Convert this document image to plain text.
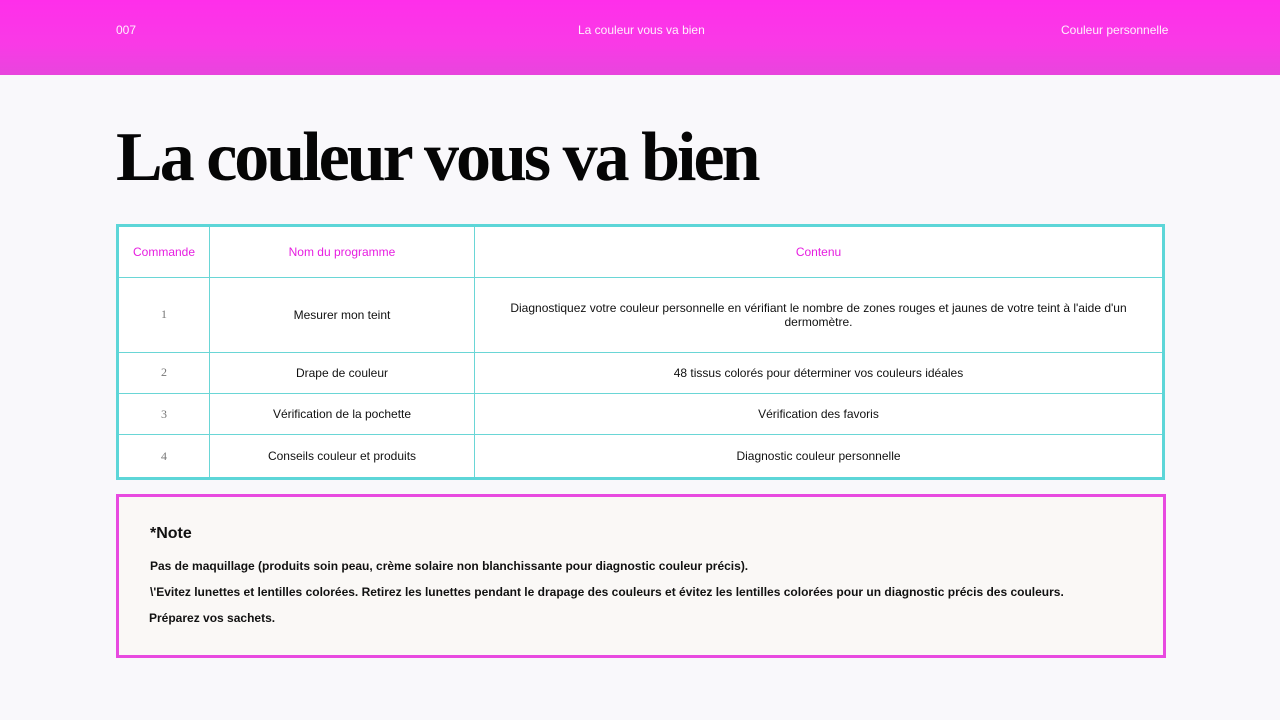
007	La couleur vous va bien	Couleur personnelle
La couleur vous va bien
Commande	Nom du programme	Contenu
1	Mesurer mon teint	Diagnostiquez votre couleur personnelle en vérifiant le nombre de zones rouges et jaunes de votre teint à l'aide d'un dermomètre.
2	Drape de couleur	48 tissus colorés pour déterminer vos couleurs idéales
3	Vérification de la pochette	Vérification des favoris
4	Conseils couleur et produits	Diagnostic couleur personnelle
*Note

Pas de maquillage (produits soin peau, crème solaire non blanchissante pour diagnostic couleur précis).

\'Evitez lunettes et lentilles colorées. Retirez les lunettes pendant le drapage des couleurs et évitez les lentilles colorées pour un diagnostic précis des couleurs.

Préparez vos sachets.
